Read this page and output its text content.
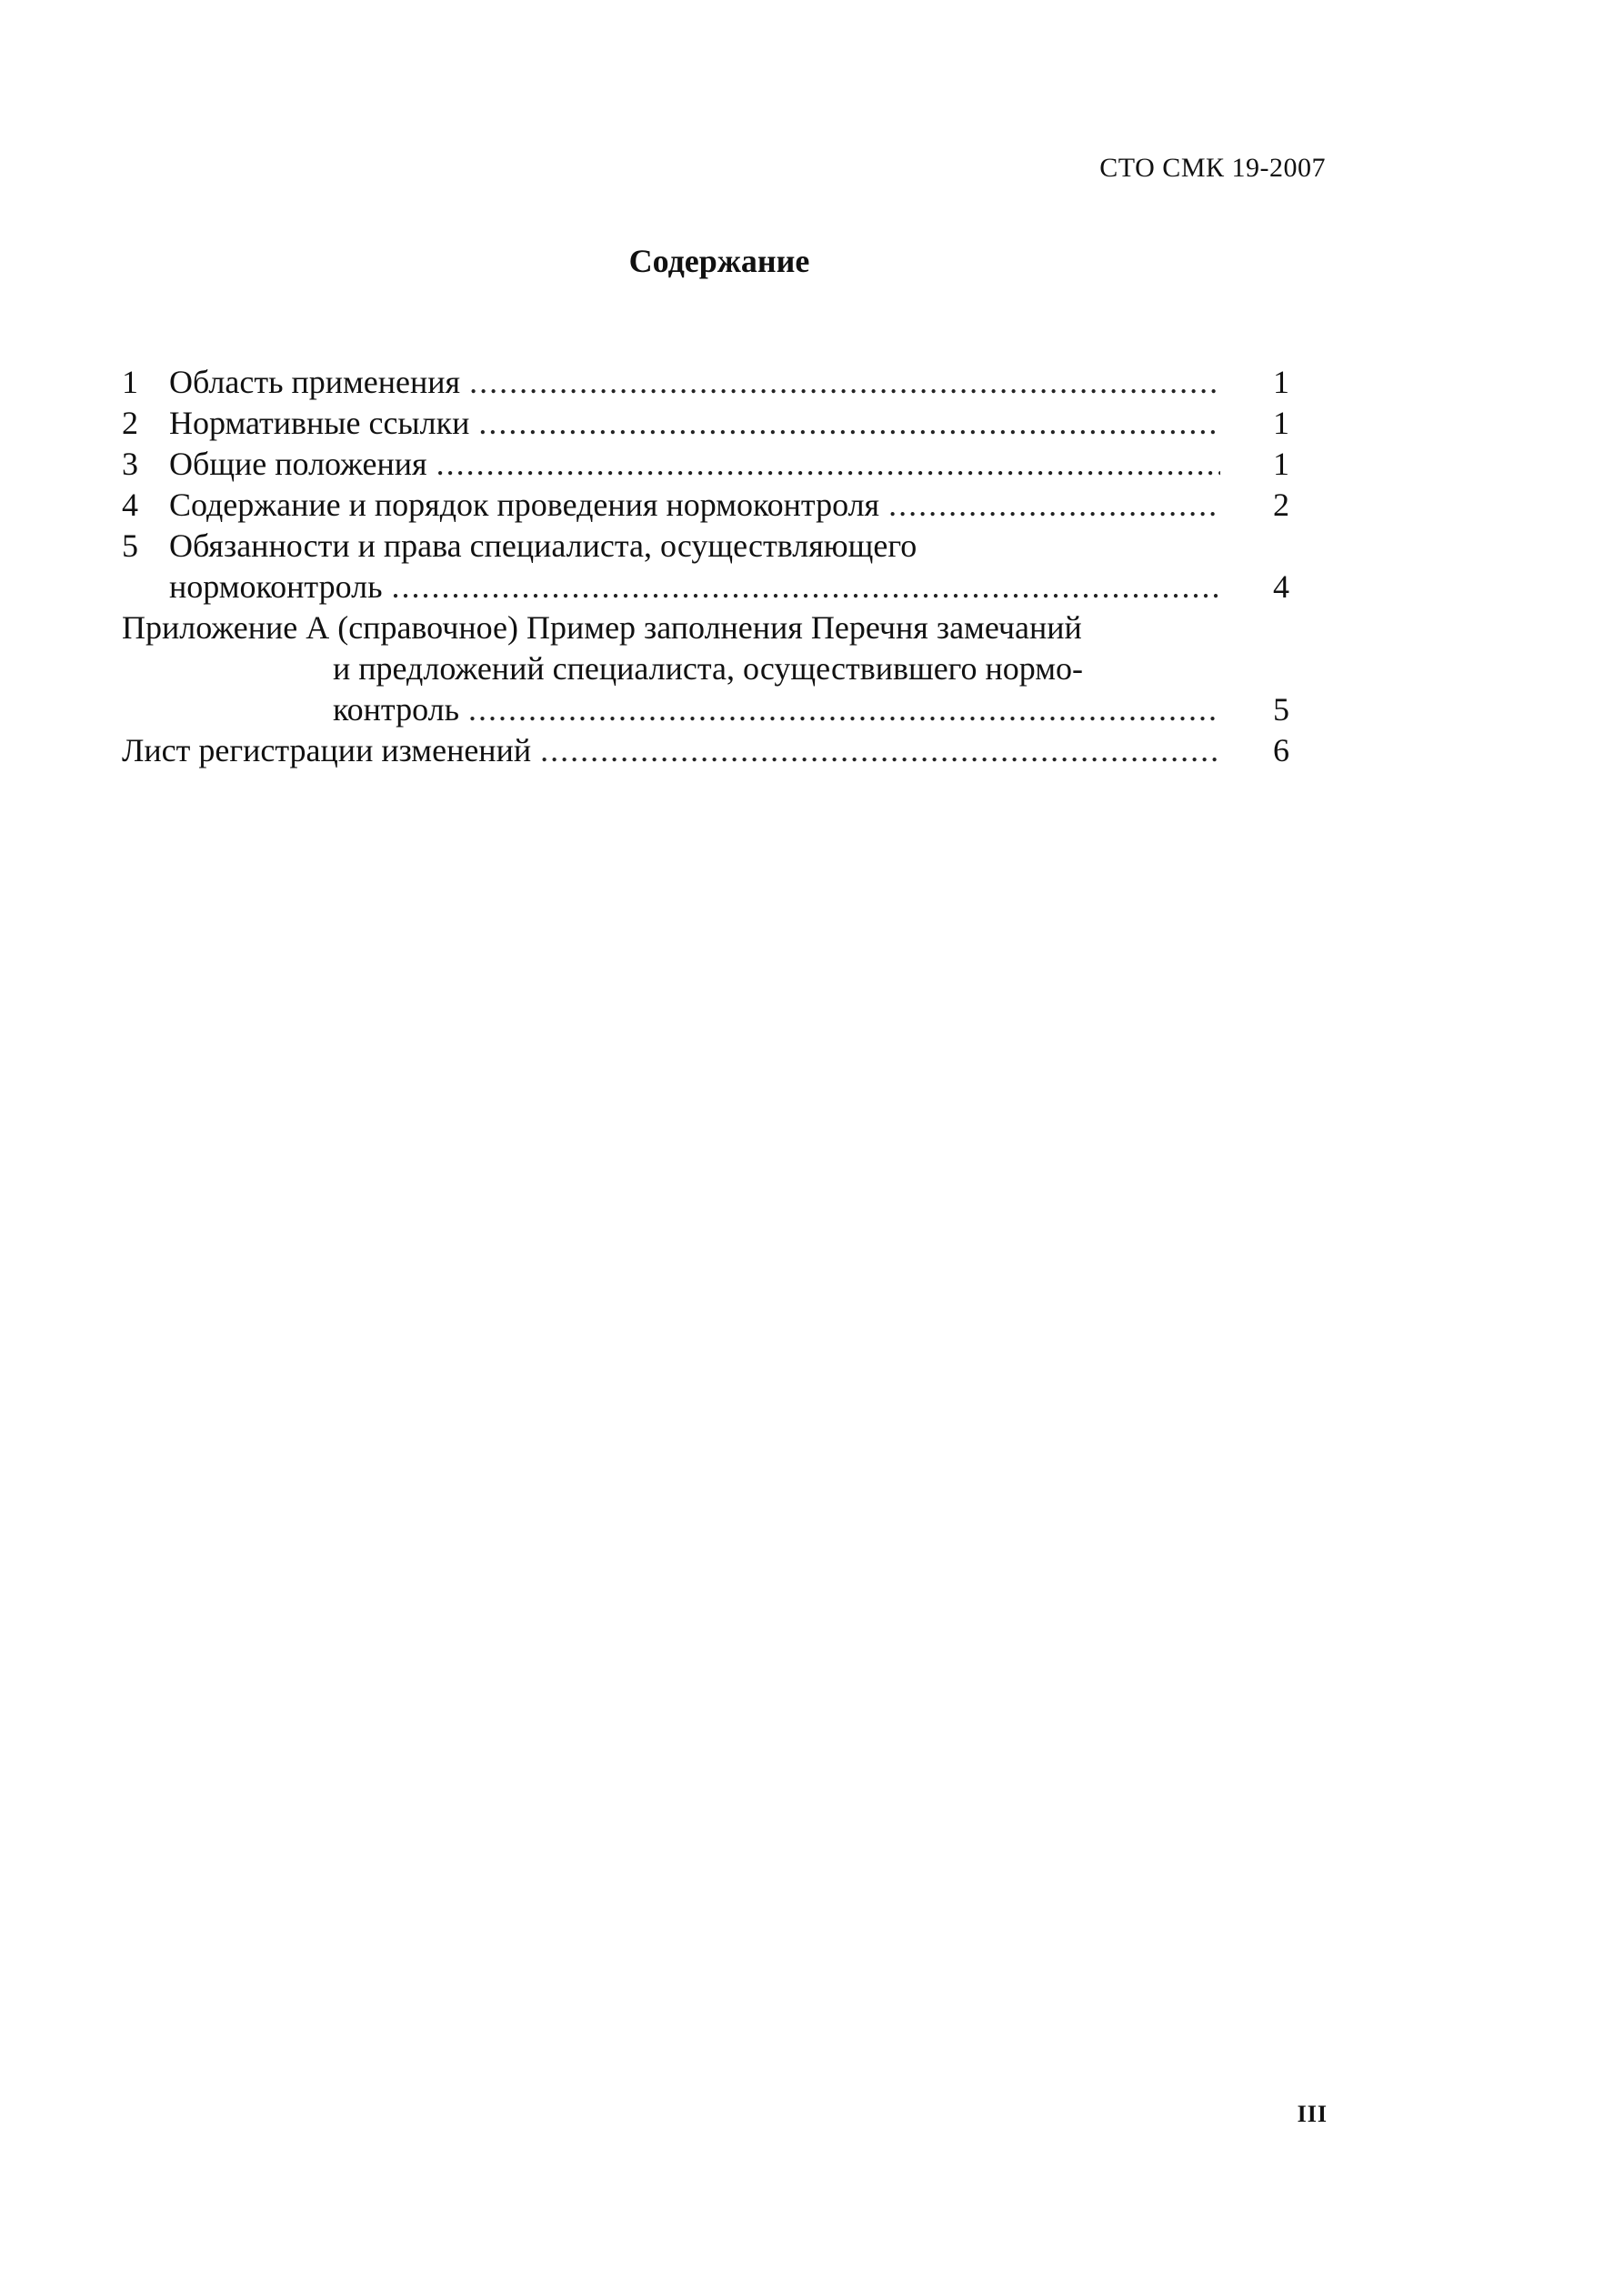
СТО СМК 19-2007
Содержание
1 Область применения .....	1
2 Нормативные ссылки .....	1
3 Общие положения .....	1
4 Содержание и порядок проведения нормоконтроля .....	2
5 Обязанности и права специалиста, осуществляющего
нормоконтроль .....	4
Приложение А (справочное) Пример заполнения Перечня замечаний
и предложений специалиста, осуществившего нормо-
контроль .....	5
Лист регистрации изменений .....	6
III
